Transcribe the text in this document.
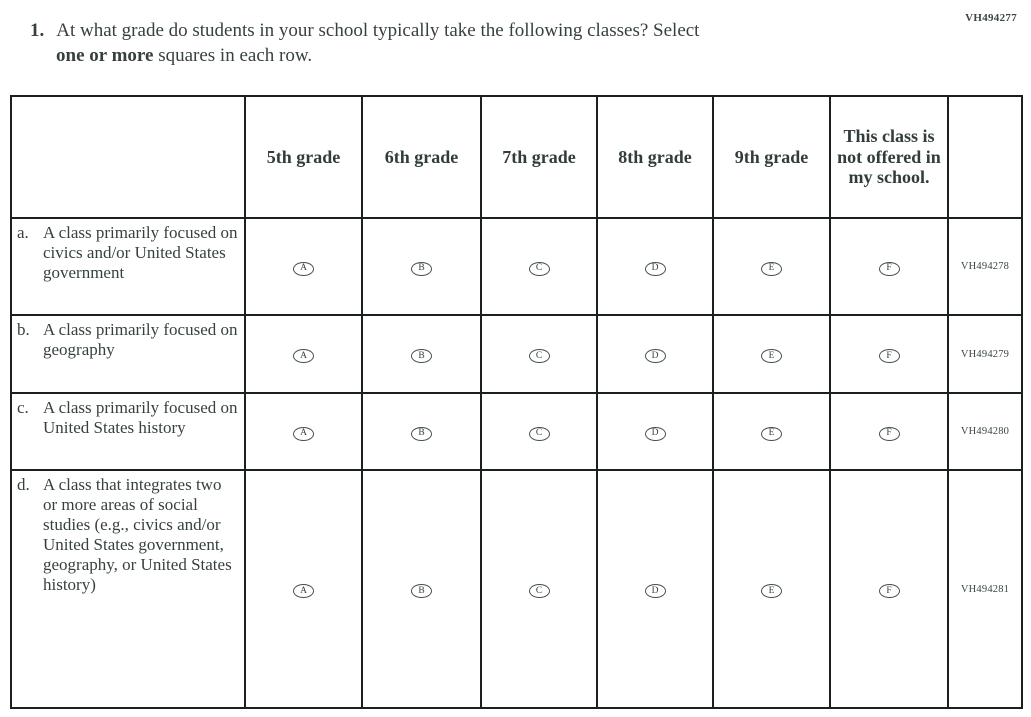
VH494277
1. At what grade do students in your school typically take the following classes? Select
one or more squares in each row.
	5th grade	6th grade	7th grade	8th grade	9th grade	This class is not offered in my school.	

a. A class primarily focused on civics and/or United States government	A	B	C	D	E	F	VH494278

b. A class primarily focused on geography	A	B	C	D	E	F	VH494279

c. A class primarily focused on United States history	A	B	C	D	E	F	VH494280

d. A class that integrates two or more areas of social studies (e.g., civics and/or United States government, geography, or United States history)	A	B	C	D	E	F	VH494281
